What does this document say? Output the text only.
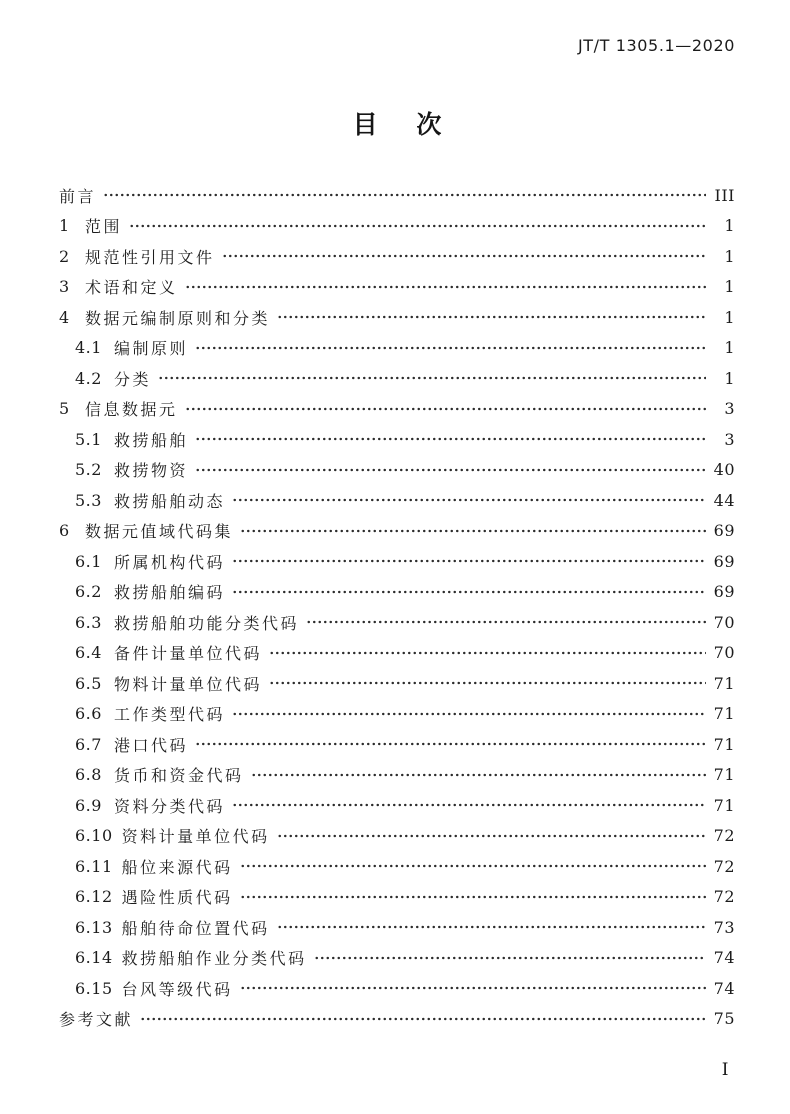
JT/T 1305.1—2020
目 次
前言	III
1 范围	1
2 规范性引用文件	1
3 术语和定义	1
4 数据元编制原则和分类	1
4.1 编制原则	1
4.2 分类	1
5 信息数据元	3
5.1 救捞船舶	3
5.2 救捞物资	40
5.3 救捞船舶动态	44
6 数据元值域代码集	69
6.1 所属机构代码	69
6.2 救捞船舶编码	69
6.3 救捞船舶功能分类代码	70
6.4 备件计量单位代码	70
6.5 物料计量单位代码	71
6.6 工作类型代码	71
6.7 港口代码	71
6.8 货币和资金代码	71
6.9 资料分类代码	71
6.10 资料计量单位代码	72
6.11 船位来源代码	72
6.12 遇险性质代码	72
6.13 船舶待命位置代码	73
6.14 救捞船舶作业分类代码	74
6.15 台风等级代码	74
参考文献	75
I
